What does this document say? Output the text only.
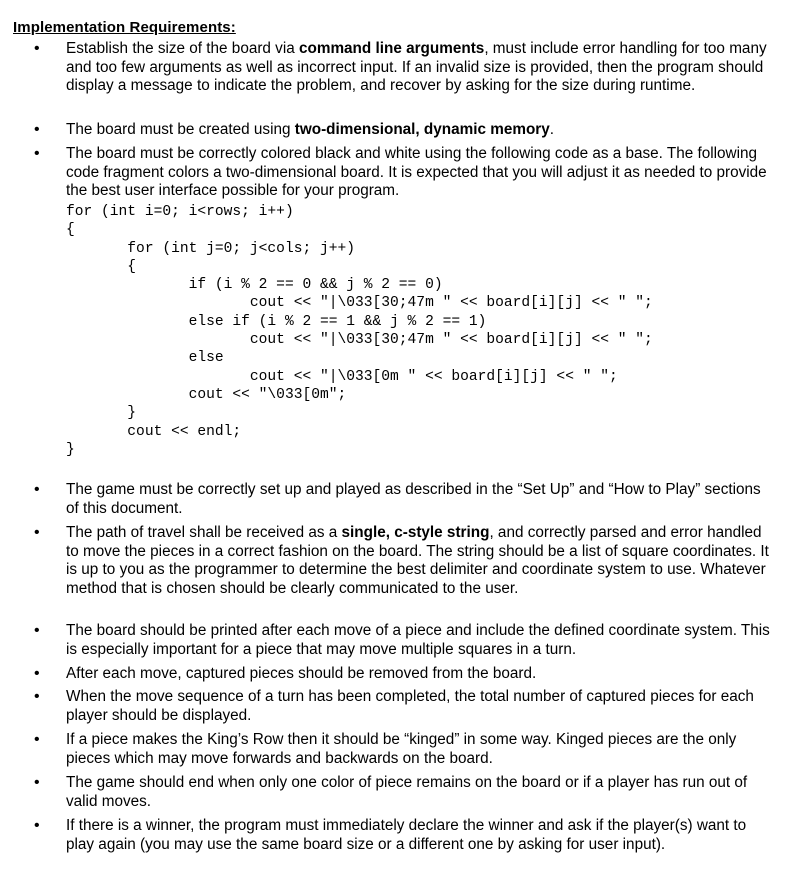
Implementation Requirements:
• Establish the size of the board via command line arguments, must include error handling for too many and too few arguments as well as incorrect input. If an invalid size is provided, then the program should display a message to indicate the problem, and recover by asking for the size during runtime.
• The board must be created using two-dimensional, dynamic memory.
• The board must be correctly colored black and white using the following code as a base. The following code fragment colors a two-dimensional board. It is expected that you will adjust it as needed to provide the best user interface possible for your program.
for (int i=0; i<rows; i++)
{
for (int j=0; j<cols; j++)
{
if (i % 2 == 0 && j % 2 == 0)
cout << "|\033[30;47m " << board[i][j] << " ";
else if (i % 2 == 1 && j % 2 == 1)
cout << "|\033[30;47m " << board[i][j] << " ";
else
cout << "|\033[0m " << board[i][j] << " ";
cout << "\033[0m";
}
cout << endl;
}
• The game must be correctly set up and played as described in the “Set Up” and “How to Play” sections of this document.
• The path of travel shall be received as a single, c-style string, and correctly parsed and error handled to move the pieces in a correct fashion on the board. The string should be a list of square coordinates. It is up to you as the programmer to determine the best delimiter and coordinate system to use. Whatever method that is chosen should be clearly communicated to the user.
• The board should be printed after each move of a piece and include the defined coordinate system. This is especially important for a piece that may move multiple squares in a turn.
• After each move, captured pieces should be removed from the board.
• When the move sequence of a turn has been completed, the total number of captured pieces for each player should be displayed.
• If a piece makes the King’s Row then it should be “kinged” in some way. Kinged pieces are the only pieces which may move forwards and backwards on the board.
• The game should end when only one color of piece remains on the board or if a player has run out of valid moves.
• If there is a winner, the program must immediately declare the winner and ask if the player(s) want to play again (you may use the same board size or a different one by asking for user input).
